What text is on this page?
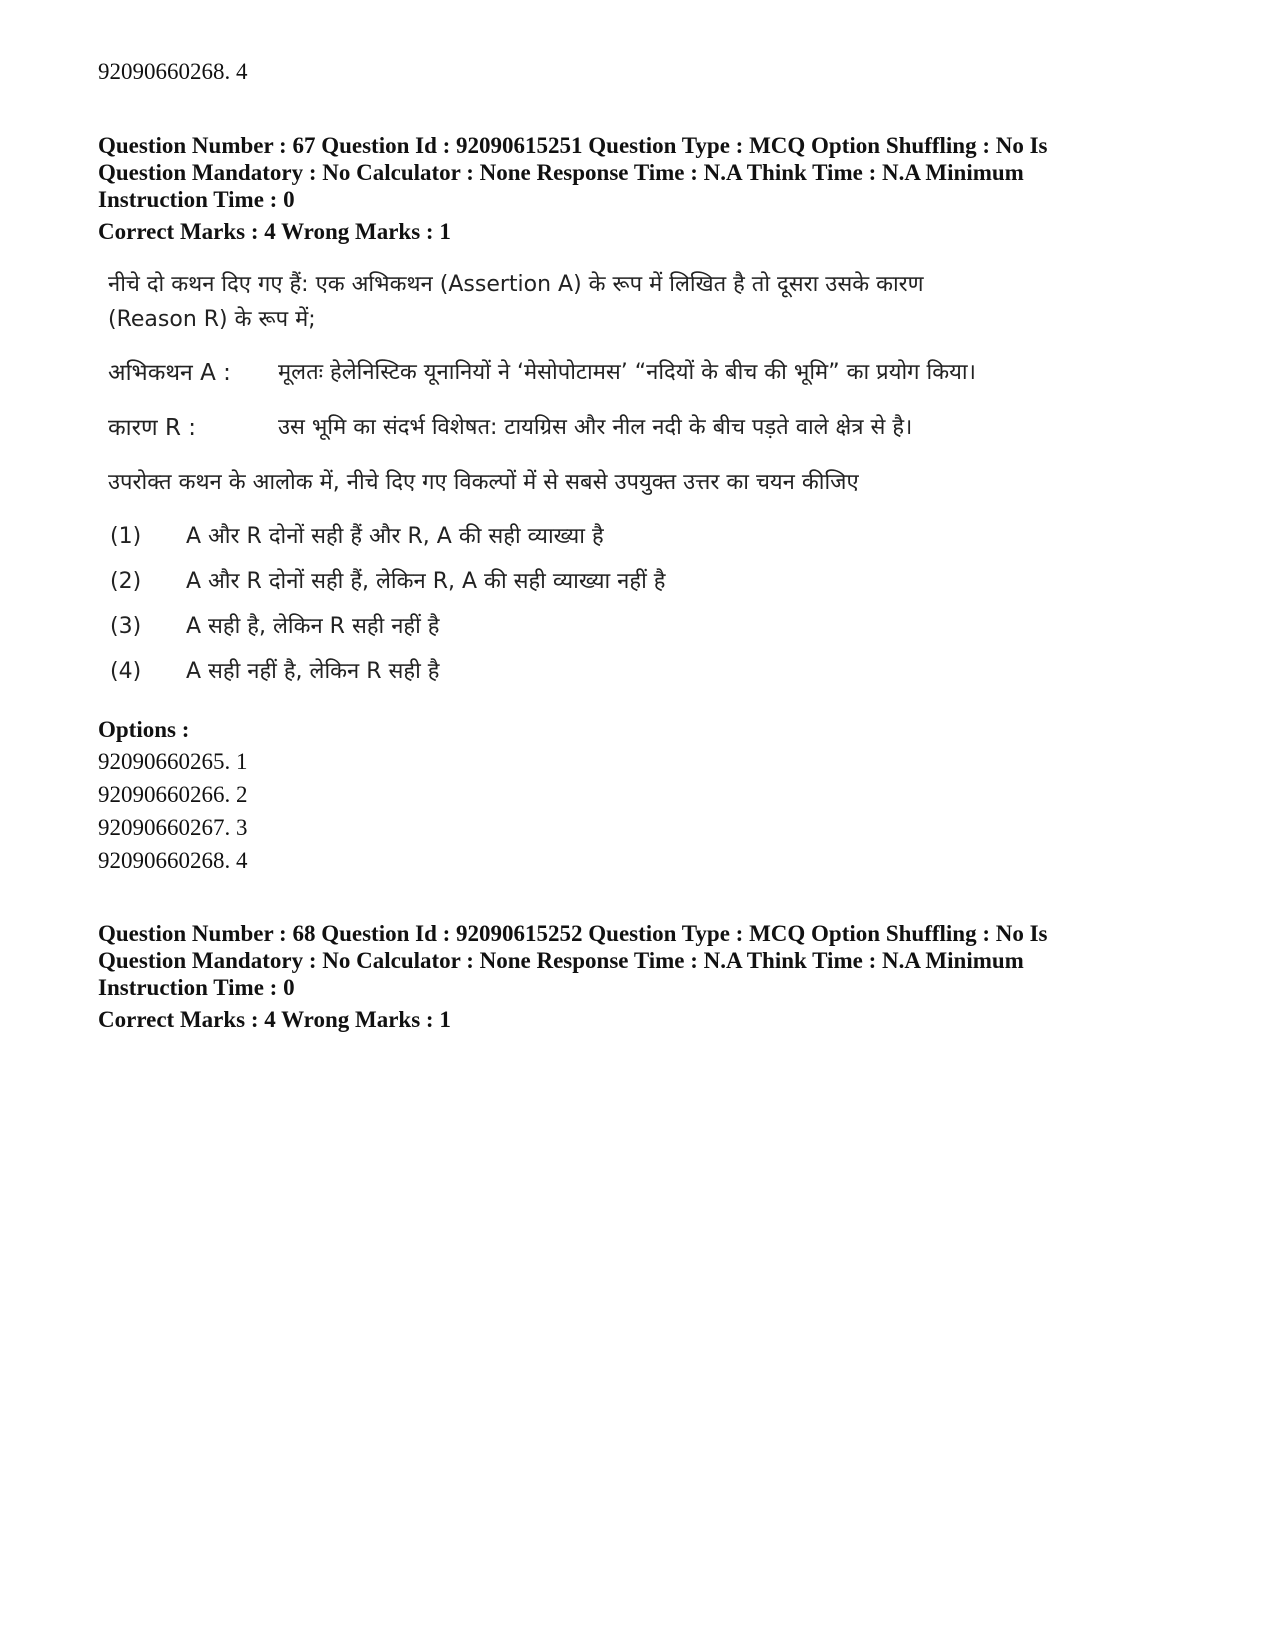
92090660268. 4
Question Number : 67 Question Id : 92090615251 Question Type : MCQ Option Shuffling : No Is
Question Mandatory : No Calculator : None Response Time : N.A Think Time : N.A Minimum
Instruction Time : 0
Correct Marks : 4 Wrong Marks : 1
नीचे दो कथन दिए गए हैं: एक अभिकथन (Assertion A) के रूप में लिखित है तो दूसरा उसके कारण
(Reason R) के रूप में;
अभिकथन A : मूलतः हेलेनिस्टिक यूनानियों ने ‘मेसोपोटामस’ “नदियों के बीच की भूमि” का प्रयोग किया।
कारण R :	उस भूमि का संदर्भ विशेषत: टायग्रिस और नील नदी के बीच पड़ते वाले क्षेत्र से है।
उपरोक्त कथन के आलोक में, नीचे दिए गए विकल्पों में से सबसे उपयुक्त उत्तर का चयन कीजिए
(1) A और R दोनों सही हैं और R, A की सही व्याख्या है
(2) A और R दोनों सही हैं, लेकिन R, A की सही व्याख्या नहीं है
(3) A सही है, लेकिन R सही नहीं है
(4) A सही नहीं है, लेकिन R सही है
Options :
92090660265. 1
92090660266. 2
92090660267. 3
92090660268. 4
Question Number : 68 Question Id : 92090615252 Question Type : MCQ Option Shuffling : No Is
Question Mandatory : No Calculator : None Response Time : N.A Think Time : N.A Minimum
Instruction Time : 0
Correct Marks : 4 Wrong Marks : 1
